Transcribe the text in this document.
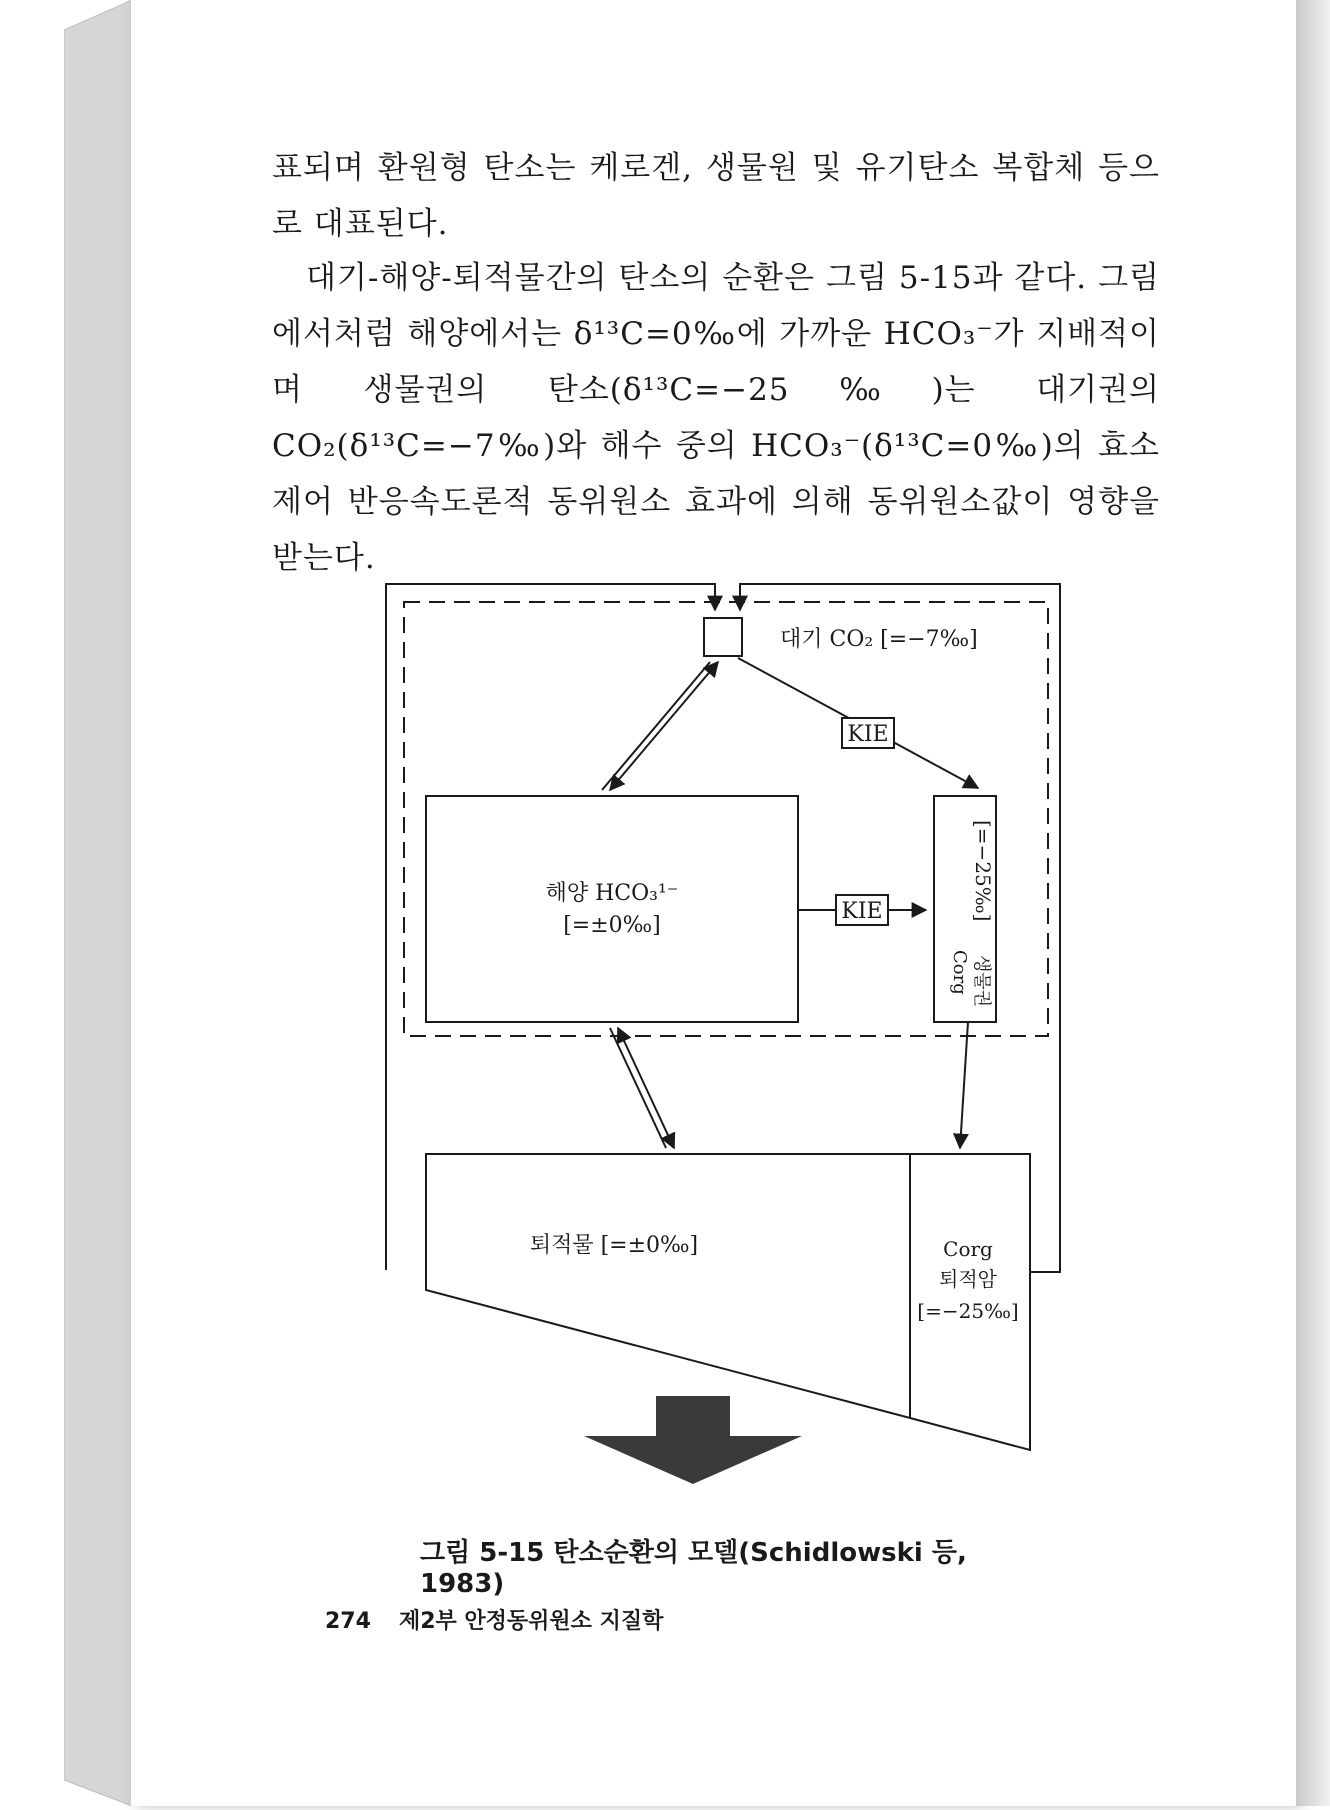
표되며 환원형 탄소는 케로겐, 생물원 및 유기탄소 복합체 등으로 대표된다.

대기-해양-퇴적물간의 탄소의 순환은 그림 5-15과 같다. 그림에서처럼 해양에서는 δ¹³C=0‰에 가까운 HCO₃⁻가 지배적이며 생물권의 탄소(δ¹³C=−25‰)는 대기권의 CO₂(δ¹³C=−7‰)와 해수 중의 HCO₃⁻(δ¹³C=0‰)의 효소제어 반응속도론적 동위원소 효과에 의해 동위원소값이 영향을 받는다.

대기 CO₂ [=−7‰]
KIE
해양 HCO₃¹⁻
[=±0‰]
KIE	[=−25‰]
Corg 생물권
퇴적물 [=±0‰]	Corg
퇴적암
[=−25‰]
그림 5-15 탄소순환의 모델(Schidlowski 등, 1983)
274 제2부 안정동위원소 지질학
